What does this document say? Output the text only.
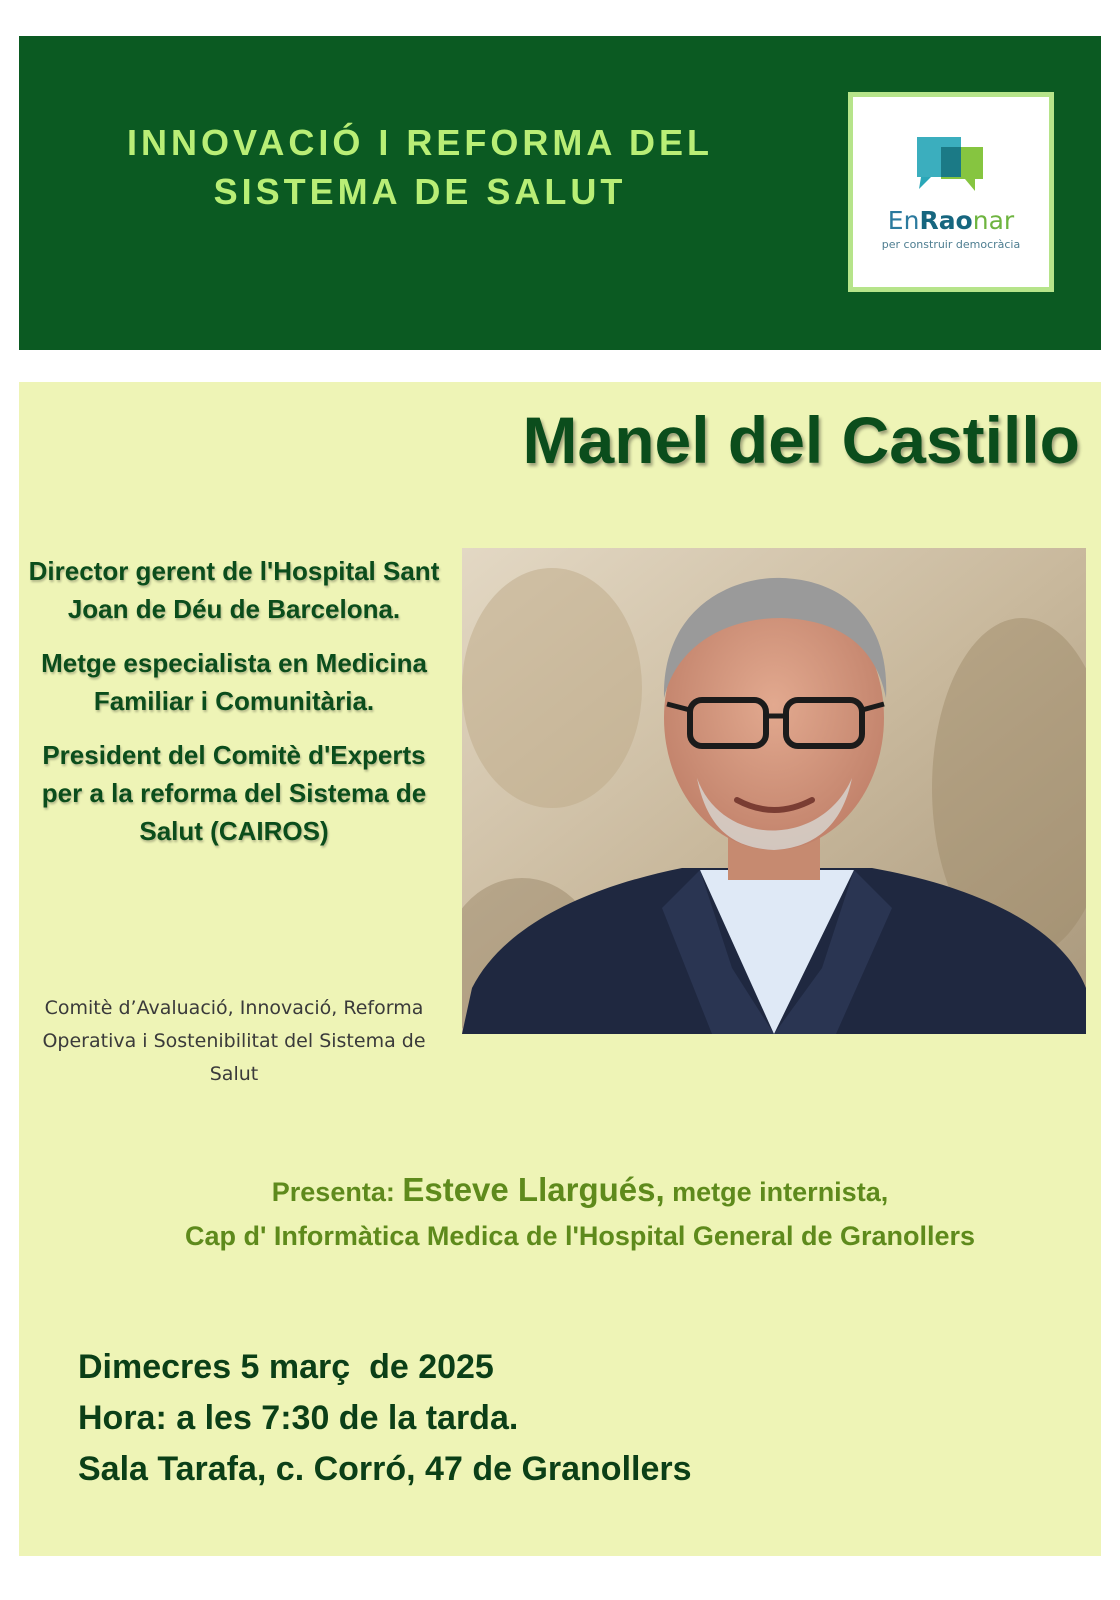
INNOVACIÓ I REFORMA DEL
SISTEMA DE SALUT
EnRaonar
per construir democràcia
Manel del Castillo

Director gerent de l'Hospital Sant Joan de Déu de Barcelona.

Metge especialista en Medicina Familiar i Comunitària.

President del Comitè d'Experts per a la reforma del Sistema de Salut (CAIROS)

Comitè d’Avaluació, Innovació, Reforma Operativa i Sostenibilitat del Sistema de Salut

Presenta: Esteve Llargués, metge internista,
Cap d' Informàtica Medica de l'Hospital General de Granollers

Dimecres 5 març  de 2025
Hora: a les 7:30 de la tarda.
Sala Tarafa, c. Corró, 47 de Granollers
